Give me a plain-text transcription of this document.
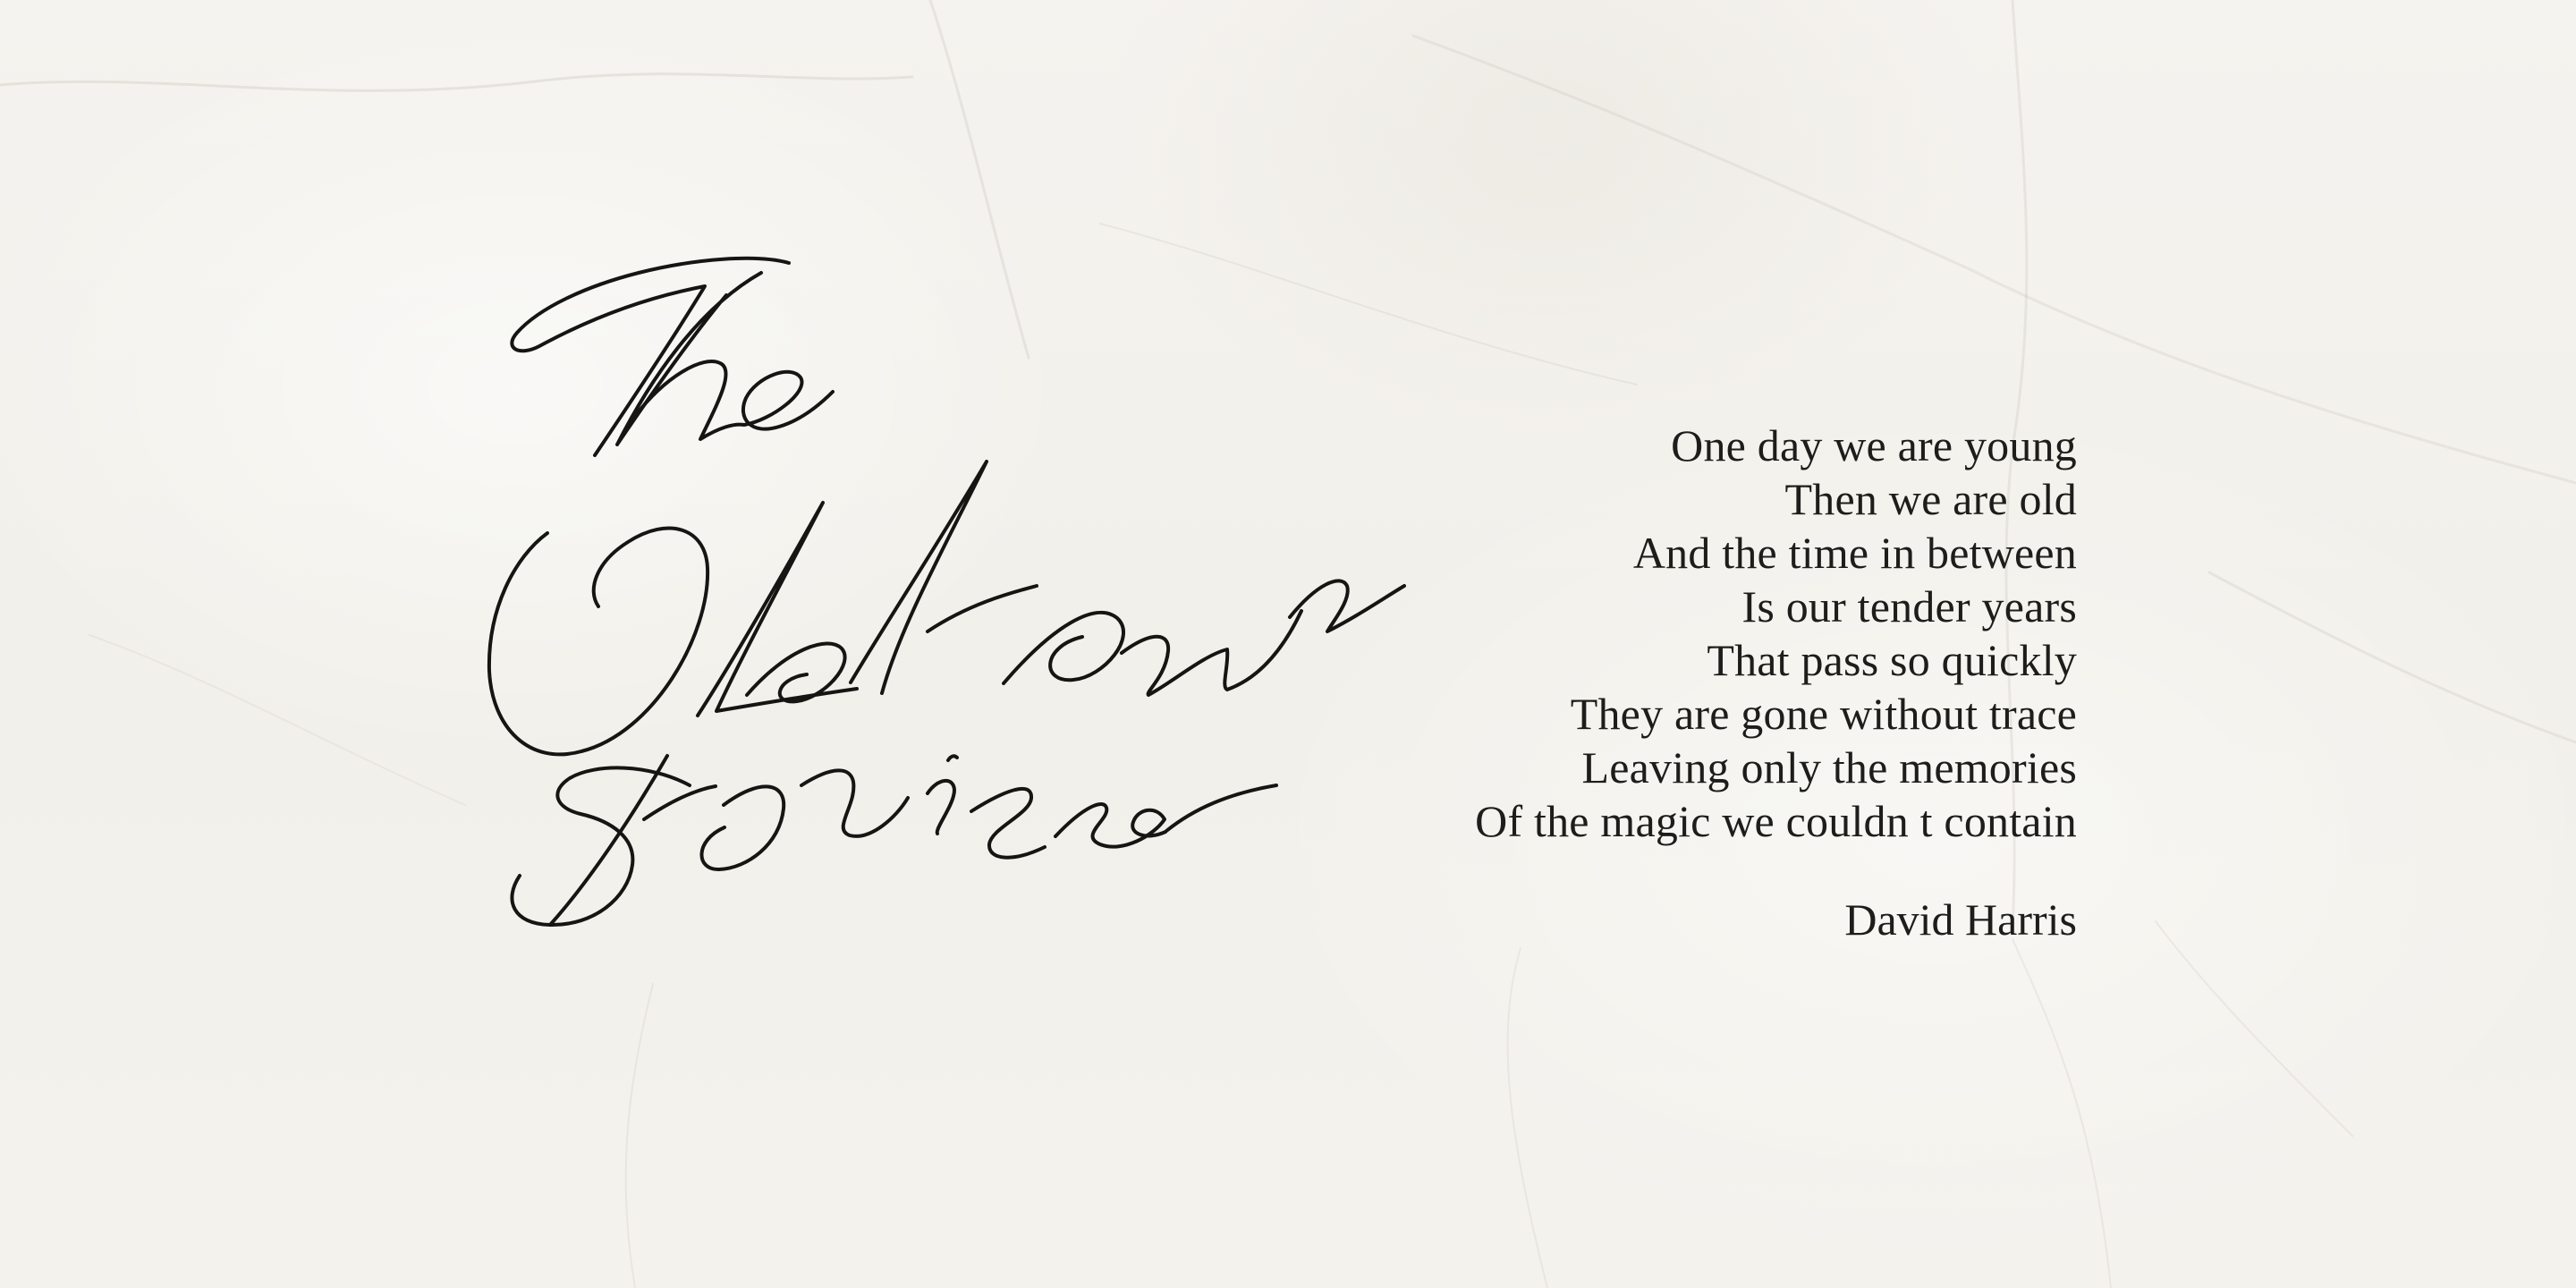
One day we are young
Then we are old
And the time in between
Is our tender years
That pass so quickly
They are gone without trace
Leaving only the memories
Of the magic we couldn t contain
David Harris
